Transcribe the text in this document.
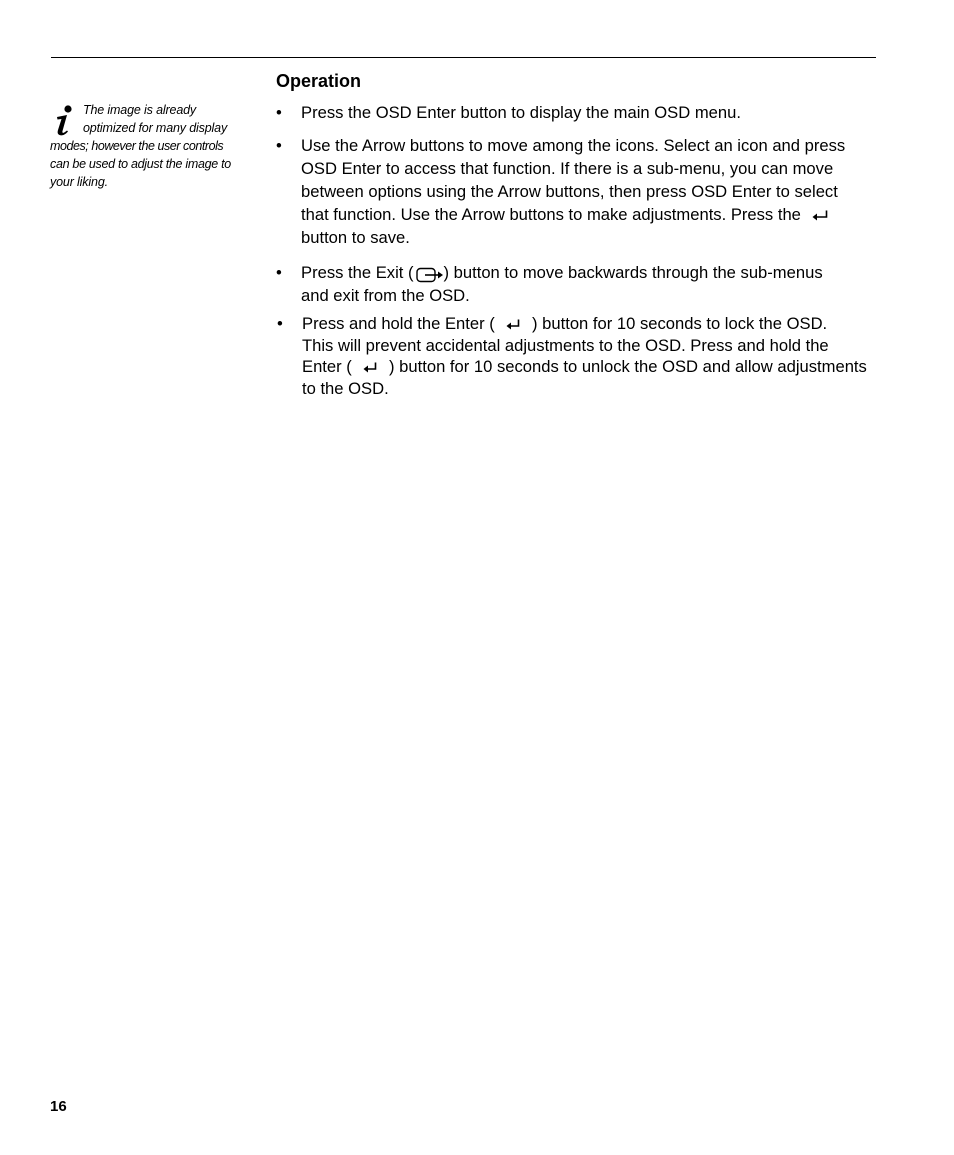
The image is already
optimized for many display
modes; however the user controls
can be used to adjust the image to
your liking.
Operation
• Press the OSD Enter button to display the main OSD menu.
• Use the Arrow buttons to move among the icons. Select an icon and press
OSD Enter to access that function. If there is a sub-menu, you can move
between options using the Arrow buttons, then press OSD Enter to select
that function. Use the Arrow buttons to make adjustments. Press the
button to save.
• Press the Exit ( ) button to move backwards through the sub-menus
and exit from the OSD.
• Press and hold the Enter (
) button for 10 seconds to lock the OSD.
This will prevent accidental adjustments to the OSD. Press and hold the
Enter (
) button for 10 seconds to unlock the OSD and allow adjustments
to the OSD.
16
